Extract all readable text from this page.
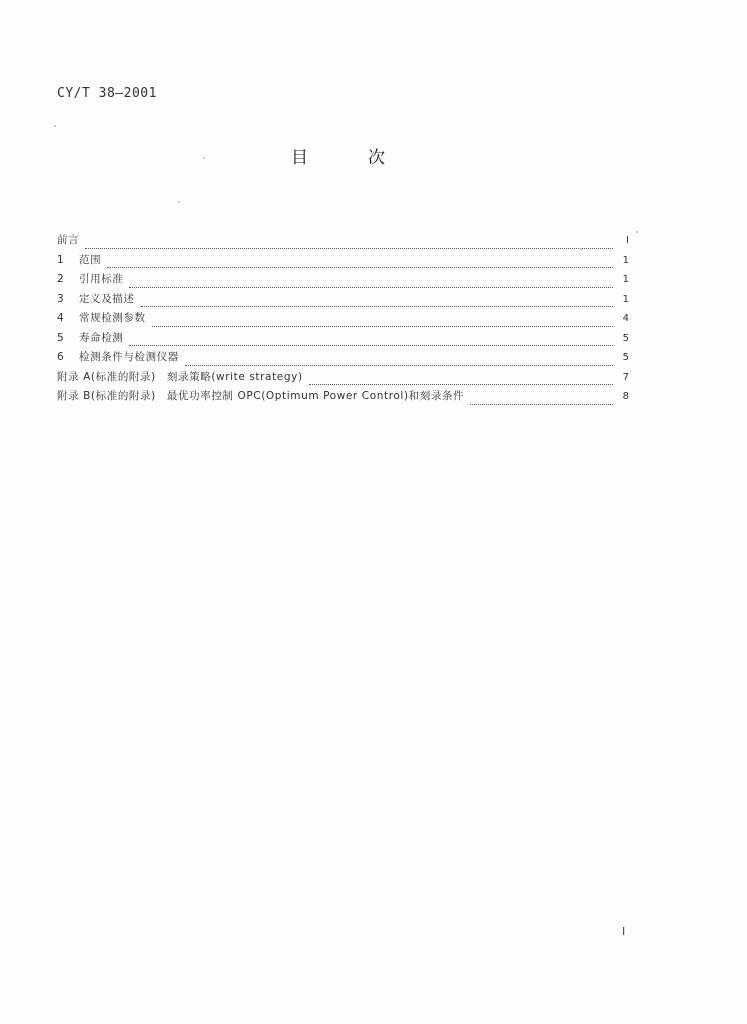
CY/T 38—2001
目	次
前言	Ⅰ
1	范围	1
2	引用标准	1
3	定义及描述	1
4	常规检测参数	4
5	寿命检测	5
6	检测条件与检测仪器	5
附录 A(标准的附录)　刻录策略(write strategy)	7
附录 B(标准的附录)　最优功率控制 OPC(Optimum Power Control)和刻录条件	8
Ⅰ
